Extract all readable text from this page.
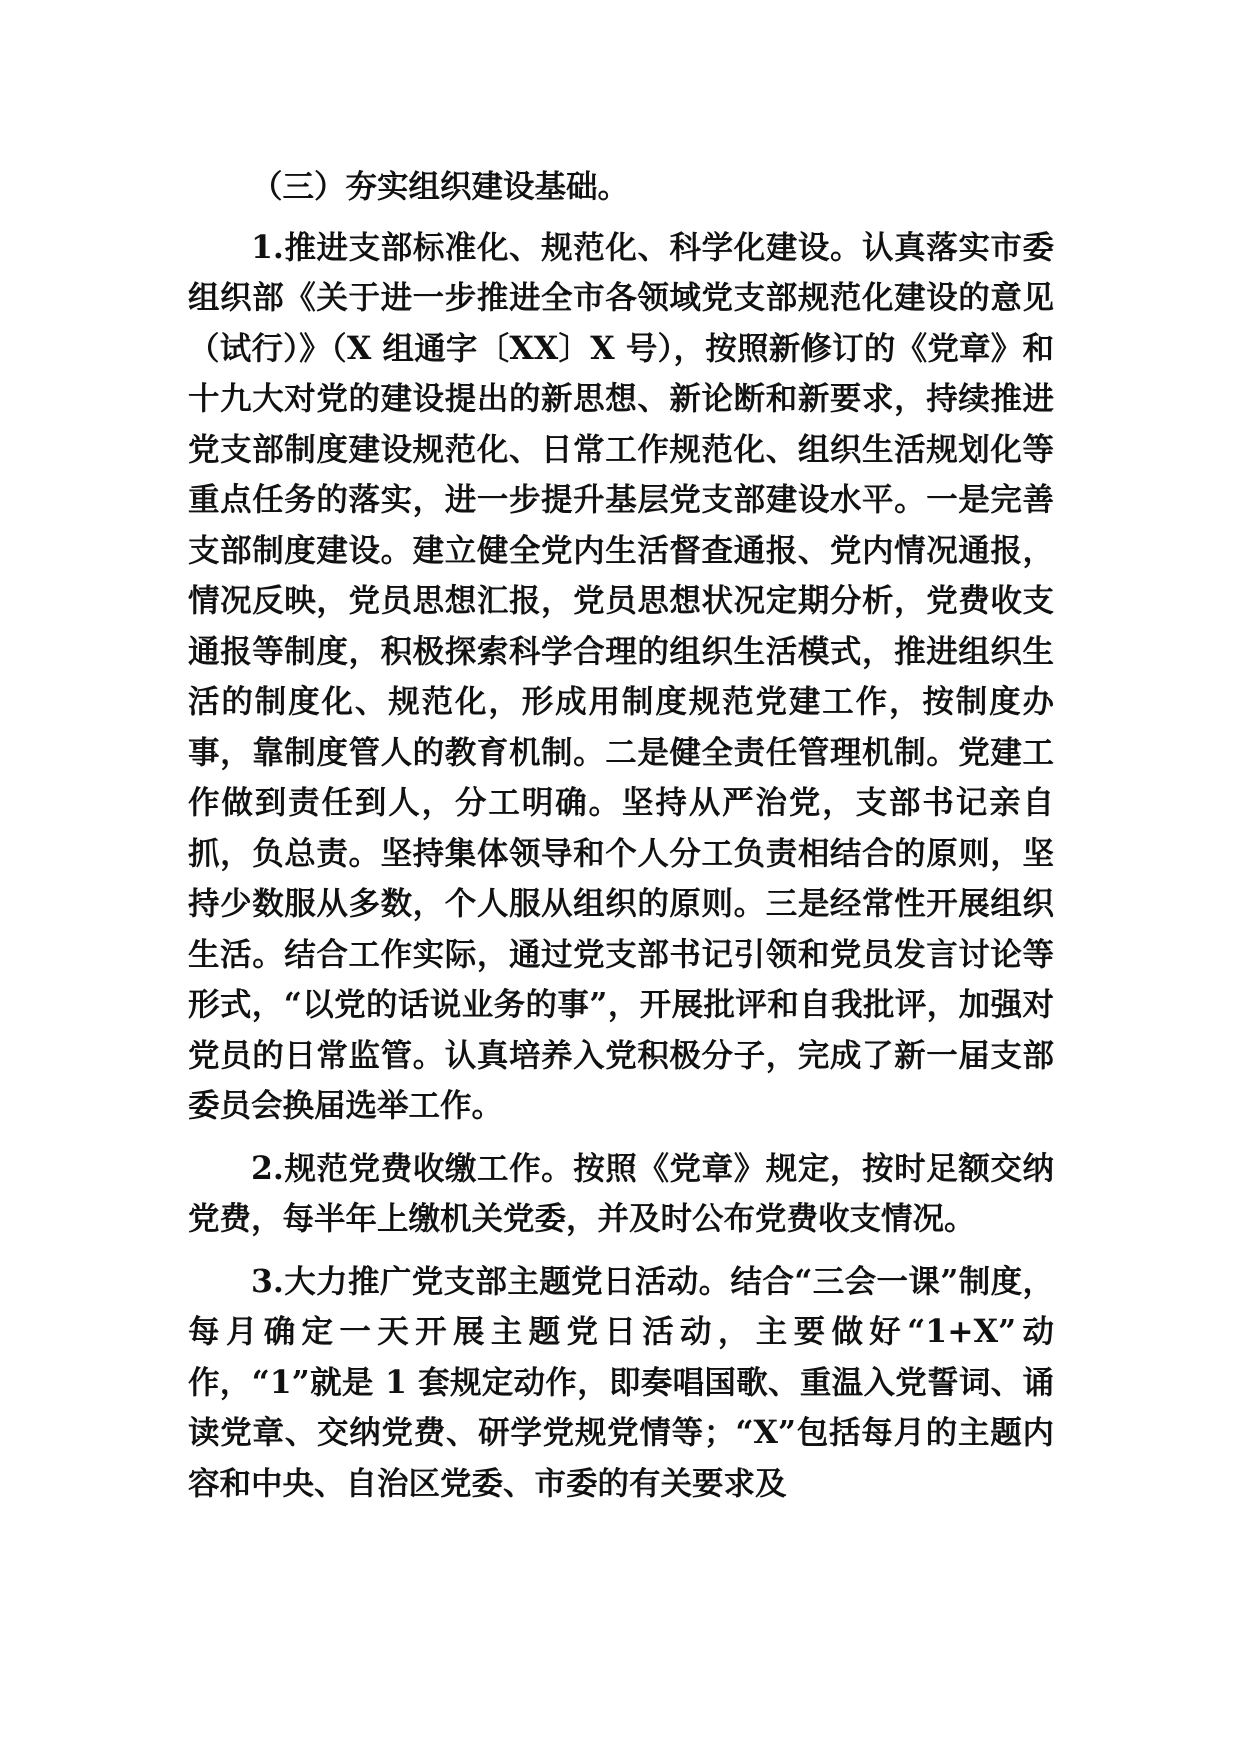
（三）夯实组织建设基础。

1.推进支部标准化、规范化、科学化建设。认真落实市委组织部《关于进一步推进全市各领域党支部规范化建设的意见（试行）》（X 组通字〔XX〕X 号），按照新修订的《党章》和十九大对党的建设提出的新思想、新论断和新要求，持续推进党支部制度建设规范化、日常工作规范化、组织生活规划化等重点任务的落实，进一步提升基层党支部建设水平。一是完善支部制度建设。建立健全党内生活督查通报、党内情况通报，情况反映，党员思想汇报，党员思想状况定期分析，党费收支通报等制度，积极探索科学合理的组织生活模式，推进组织生活的制度化、规范化，形成用制度规范党建工作，按制度办事，靠制度管人的教育机制。二是健全责任管理机制。党建工作做到责任到人，分工明确。坚持从严治党，支部书记亲自抓，负总责。坚持集体领导和个人分工负责相结合的原则，坚持少数服从多数，个人服从组织的原则。三是经常性开展组织生活。结合工作实际，通过党支部书记引领和党员发言讨论等形式，“以党的话说业务的事”，开展批评和自我批评，加强对党员的日常监管。认真培养入党积极分子，完成了新一届支部委员会换届选举工作。

2.规范党费收缴工作。按照《党章》规定，按时足额交纳党费，每半年上缴机关党委，并及时公布党费收支情况。

3.大力推广党支部主题党日活动。结合“三会一课”制度，每月确定一天开展主题党日活动，主要做好“1+X”动作，“1”就是 1 套规定动作，即奏唱国歌、重温入党誓词、诵读党章、交纳党费、研学党规党情等；“X”包括每月的主题内容和中央、自治区党委、市委的有关要求及
